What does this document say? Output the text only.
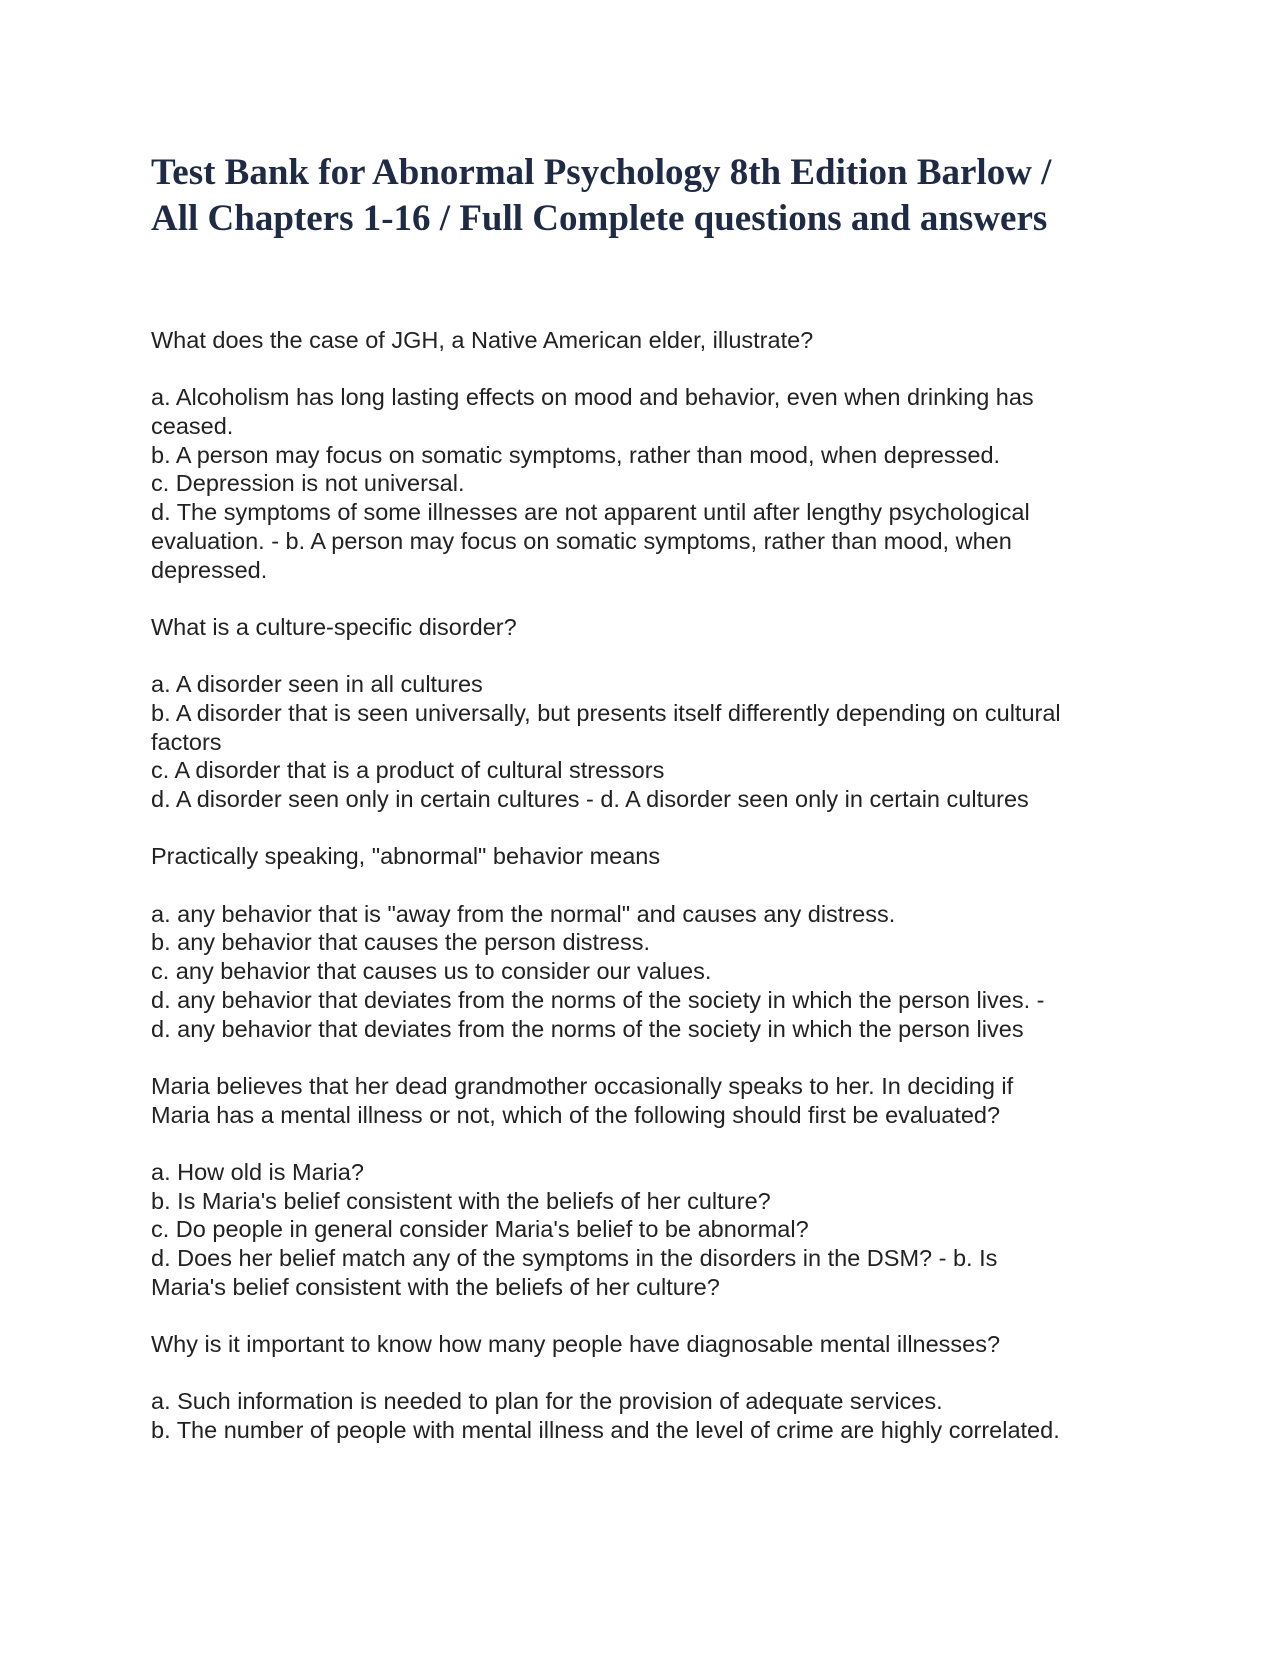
Test Bank for Abnormal Psychology 8th Edition Barlow /
All Chapters 1-16 / Full Complete questions and answers
What does the case of JGH, a Native American elder, illustrate?
a. Alcoholism has long lasting effects on mood and behavior, even when drinking has
ceased.
b. A person may focus on somatic symptoms, rather than mood, when depressed.
c. Depression is not universal.
d. The symptoms of some illnesses are not apparent until after lengthy psychological
evaluation. - b. A person may focus on somatic symptoms, rather than mood, when
depressed.
What is a culture-specific disorder?
a. A disorder seen in all cultures
b. A disorder that is seen universally, but presents itself differently depending on cultural
factors
c. A disorder that is a product of cultural stressors
d. A disorder seen only in certain cultures - d. A disorder seen only in certain cultures
Practically speaking, "abnormal" behavior means
a. any behavior that is "away from the normal" and causes any distress.
b. any behavior that causes the person distress.
c. any behavior that causes us to consider our values.
d. any behavior that deviates from the norms of the society in which the person lives. -
d. any behavior that deviates from the norms of the society in which the person lives
Maria believes that her dead grandmother occasionally speaks to her. In deciding if
Maria has a mental illness or not, which of the following should first be evaluated?
a. How old is Maria?
b. Is Maria's belief consistent with the beliefs of her culture?
c. Do people in general consider Maria's belief to be abnormal?
d. Does her belief match any of the symptoms in the disorders in the DSM? - b. Is
Maria's belief consistent with the beliefs of her culture?
Why is it important to know how many people have diagnosable mental illnesses?
a. Such information is needed to plan for the provision of adequate services.
b. The number of people with mental illness and the level of crime are highly correlated.
